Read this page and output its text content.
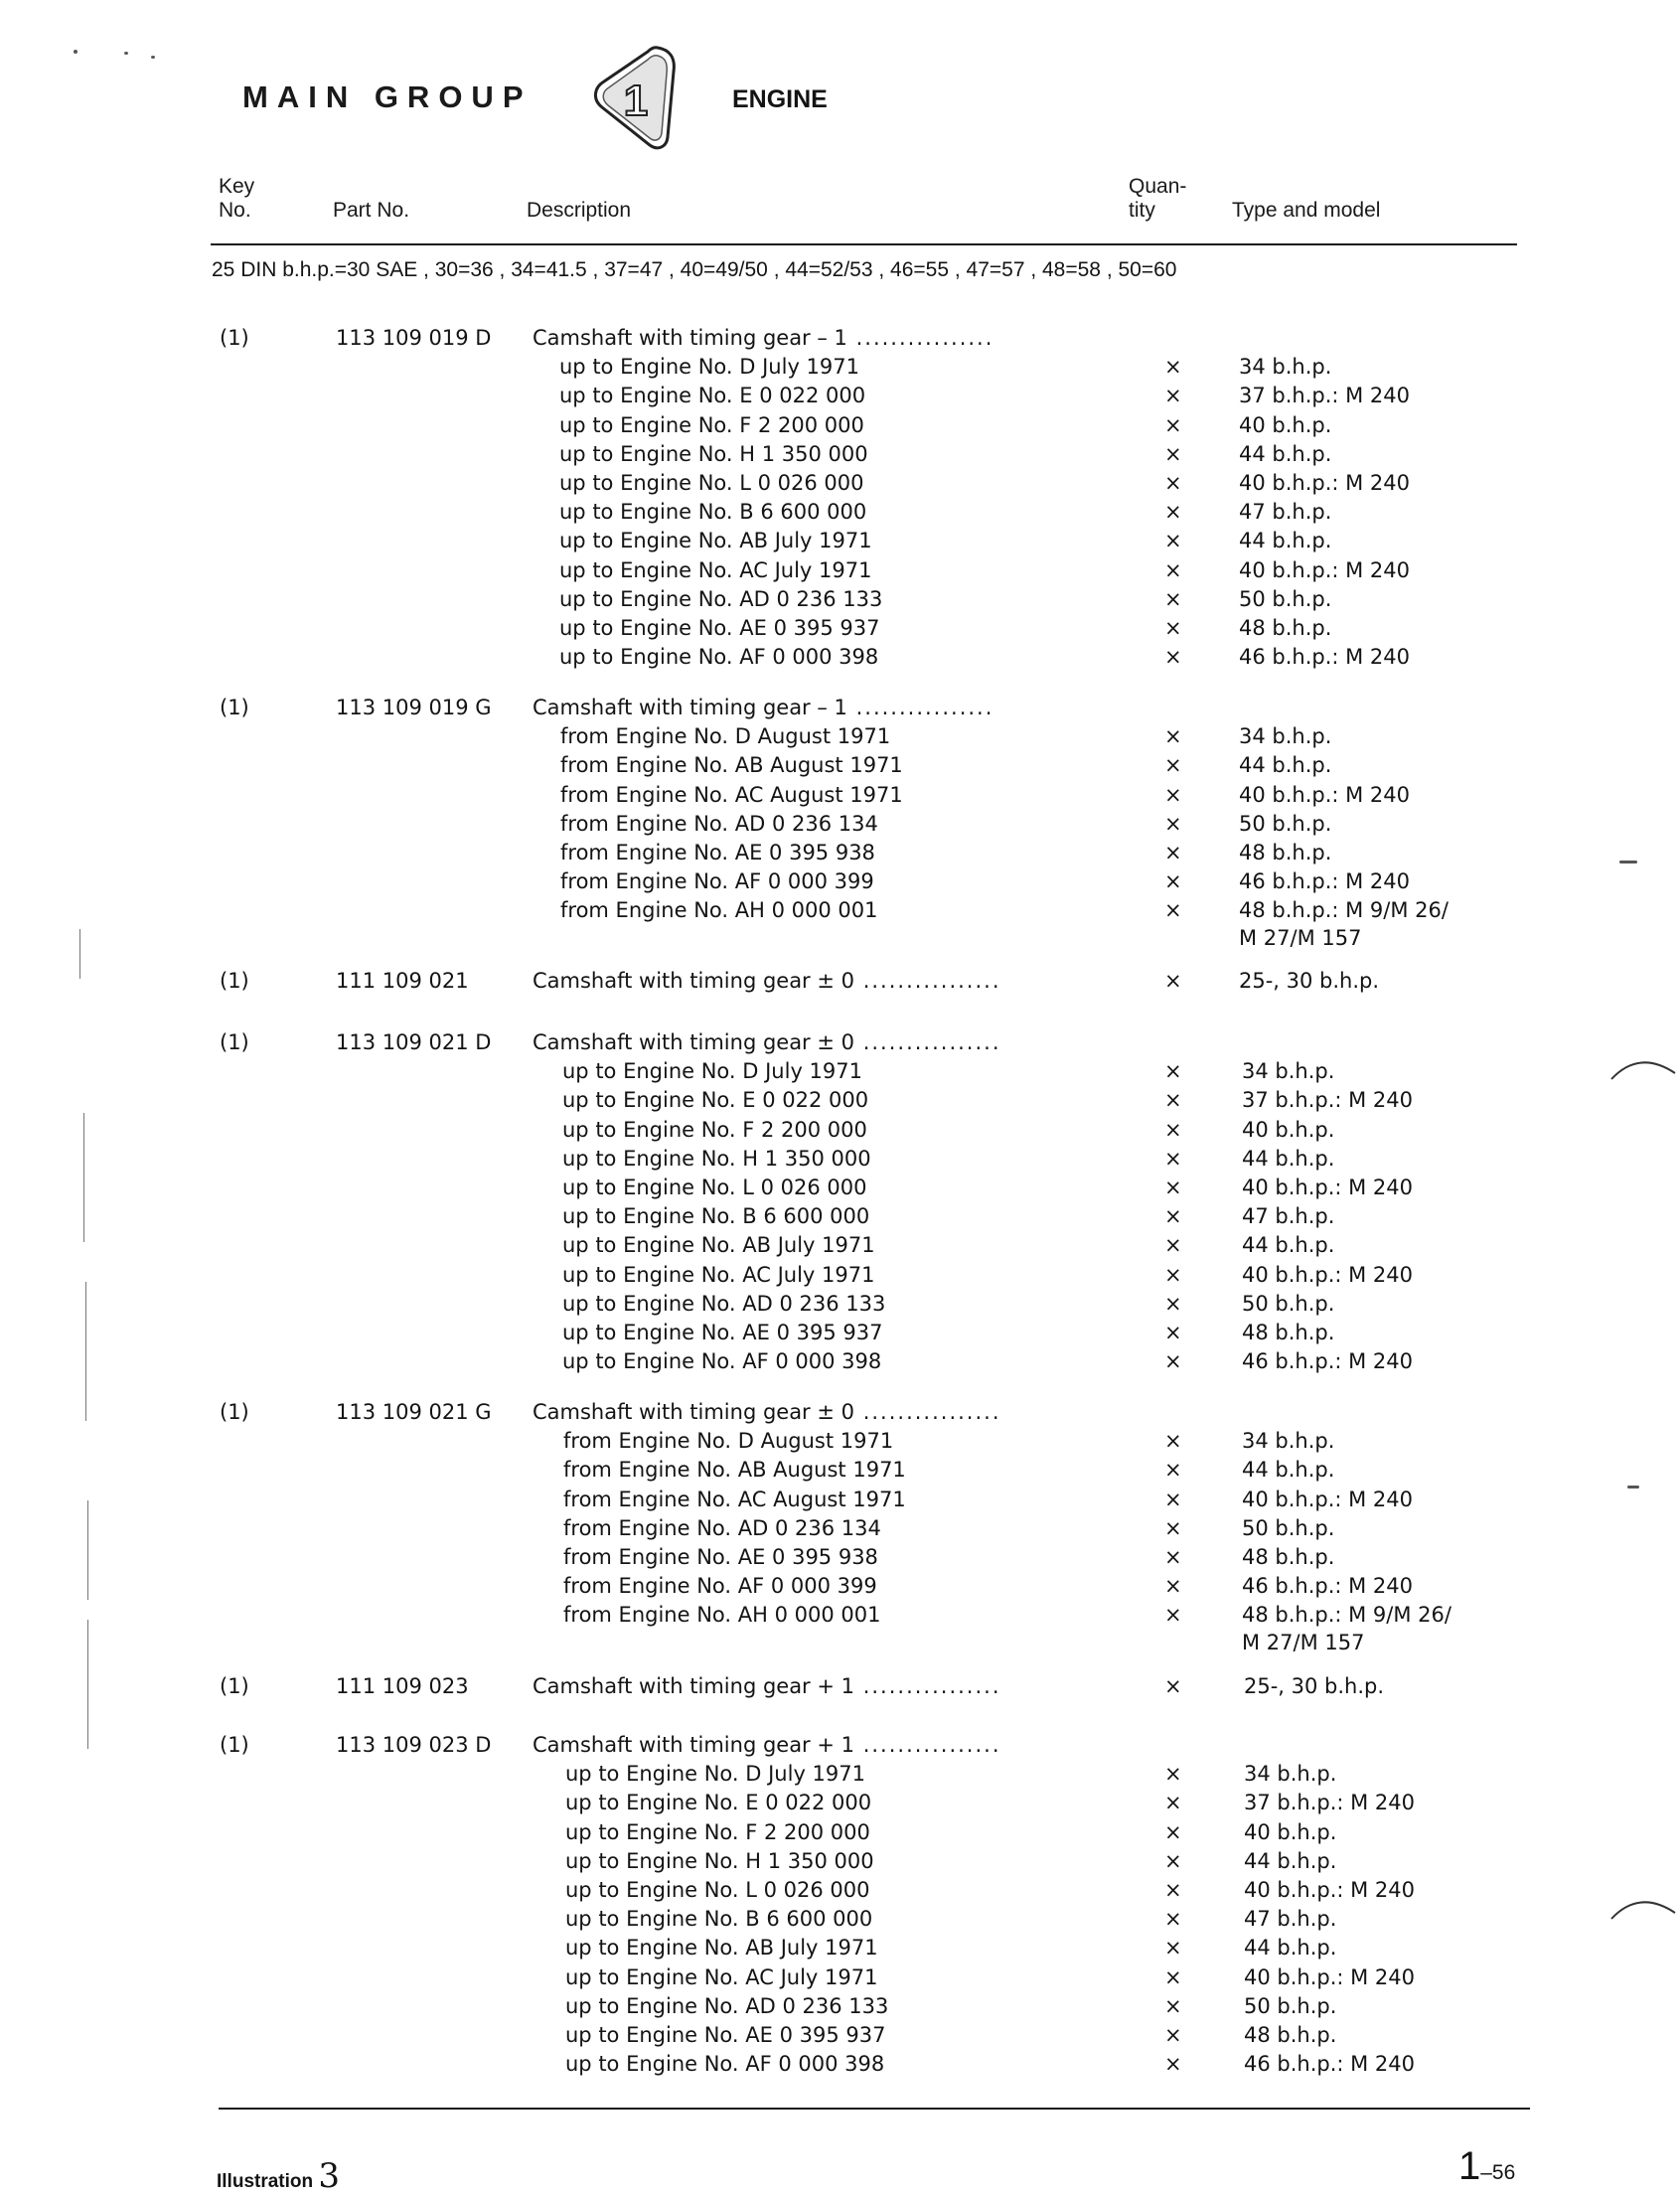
MAIN GROUP 1	ENGINE
Key
No.	Part No.	Description
Quan-
tity	Type and model
25 DIN b.h.p.=30 SAE , 30=36 , 34=41.5 , 37=47 , 40=49/50 , 44=52/53 , 46=55 , 47=57 , 48=58 , 50=60
(1)	113 109 019 D Camshaft with timing gear – 1 ................
up to Engine No. D July 1971	×	34 b.h.p.
up to Engine No. E 0 022 000	×	37 b.h.p.: M 240
up to Engine No. F 2 200 000	×	40 b.h.p.
up to Engine No. H 1 350 000	×	44 b.h.p.
up to Engine No. L 0 026 000	×	40 b.h.p.: M 240
up to Engine No. B 6 600 000	×	47 b.h.p.
up to Engine No. AB July 1971	×	44 b.h.p.
up to Engine No. AC July 1971	×	40 b.h.p.: M 240
up to Engine No. AD 0 236 133	×	50 b.h.p.
up to Engine No. AE 0 395 937	×	48 b.h.p.
up to Engine No. AF 0 000 398	×	46 b.h.p.: M 240
(1)	113 109 019 G Camshaft with timing gear – 1 ................
from Engine No. D August 1971	×	34 b.h.p.
from Engine No. AB August 1971	×	44 b.h.p.
from Engine No. AC August 1971	×	40 b.h.p.: M 240
from Engine No. AD 0 236 134	×	50 b.h.p.
from Engine No. AE 0 395 938	×	48 b.h.p.
from Engine No. AF 0 000 399	×	46 b.h.p.: M 240
from Engine No. AH 0 000 001	×	48 b.h.p.: M 9/M 26/
M 27/M 157
(1)	111 109 021	Camshaft with timing gear ± 0 ................	×	25-, 30 b.h.p.
(1)	113 109 021 D Camshaft with timing gear ± 0 ................
up to Engine No. D July 1971	×	34 b.h.p.
up to Engine No. E 0 022 000	×	37 b.h.p.: M 240
up to Engine No. F 2 200 000	×	40 b.h.p.
up to Engine No. H 1 350 000	×	44 b.h.p.
up to Engine No. L 0 026 000	×	40 b.h.p.: M 240
up to Engine No. B 6 600 000	×	47 b.h.p.
up to Engine No. AB July 1971	×	44 b.h.p.
up to Engine No. AC July 1971	×	40 b.h.p.: M 240
up to Engine No. AD 0 236 133	×	50 b.h.p.
up to Engine No. AE 0 395 937	×	48 b.h.p.
up to Engine No. AF 0 000 398	×	46 b.h.p.: M 240
(1)	113 109 021 G Camshaft with timing gear ± 0 ................
from Engine No. D August 1971	×	34 b.h.p.
from Engine No. AB August 1971	×	44 b.h.p.
from Engine No. AC August 1971	×	40 b.h.p.: M 240
from Engine No. AD 0 236 134	×	50 b.h.p.
from Engine No. AE 0 395 938	×	48 b.h.p.
from Engine No. AF 0 000 399	×	46 b.h.p.: M 240
from Engine No. AH 0 000 001	×	48 b.h.p.: M 9/M 26/
M 27/M 157
(1)	111 109 023	Camshaft with timing gear + 1 ................	×	25-, 30 b.h.p.
(1)	113 109 023 D Camshaft with timing gear + 1 ................
up to Engine No. D July 1971	×	34 b.h.p.
up to Engine No. E 0 022 000	×	37 b.h.p.: M 240
up to Engine No. F 2 200 000	×	40 b.h.p.
up to Engine No. H 1 350 000	×	44 b.h.p.
up to Engine No. L 0 026 000	×	40 b.h.p.: M 240
up to Engine No. B 6 600 000	×	47 b.h.p.
up to Engine No. AB July 1971	×	44 b.h.p.
up to Engine No. AC July 1971	×	40 b.h.p.: M 240
up to Engine No. AD 0 236 133	×	50 b.h.p.
up to Engine No. AE 0 395 937	×	48 b.h.p.
up to Engine No. AF 0 000 398	×	46 b.h.p.: M 240
Illustration 3	1–56
